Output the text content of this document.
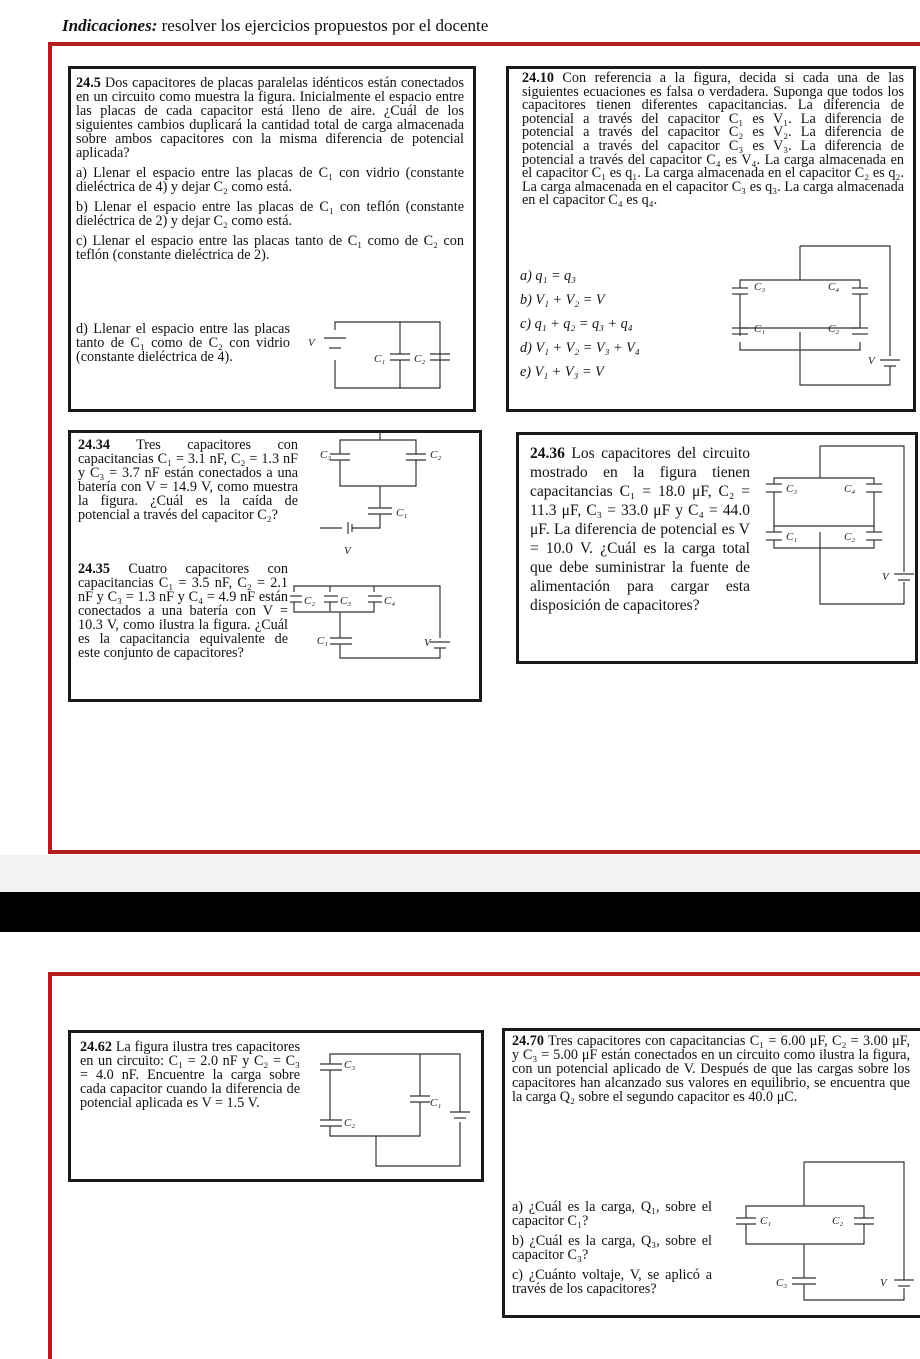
Indicaciones: resolver los ejercicios propuestos por el docente
24.5 Dos capacitores de placas paralelas idénticos están conectados en un circuito como muestra la figura. Inicialmente el espacio entre las placas de cada capacitor está lleno de aire. ¿Cuál de los siguientes cambios duplicará la cantidad total de carga almacenada sobre ambos capacitores con la misma diferencia de potencial aplicada?
a) Llenar el espacio entre las placas de C₁ con vidrio (constante dieléctrica de 4) y dejar C₂ como está.
b) Llenar el espacio entre las placas de C₁ con teflón (constante dieléctrica de 2) y dejar C₂ como está.
c) Llenar el espacio entre las placas tanto de C₁ como de C₂ con teflón (constante dieléctrica de 2).
d) Llenar el espacio entre las placas tanto de C₁ como de C₂ con vidrio (constante dieléctrica de 4).
V
C₁	C₂
24.10 Con referencia a la figura, decida si cada una de las siguientes ecuaciones es falsa o verdadera. Suponga que todos los capacitores tienen diferentes capacitancias. La diferencia de potencial a través del capacitor C₁ es V₁. La diferencia de potencial a través del capacitor C₂ es V₂. La diferencia de potencial a través del capacitor C₃ es V₃. La diferencia de potencial a través del capacitor C₄ es V₄. La carga almacenada en el capacitor C₁ es q₁. La carga almacenada en el capacitor C₂ es q₂. La carga almacenada en el capacitor C₃ es q₃. La carga almacenada en el capacitor C₄ es q₄.
a) q₁ = q₃
b) V₁ + V₂ = V
c) q₁ + q₂ = q₃ + q₄
d) V₁ + V₂ = V₃ + V₄
e) V₁ + V₃ = V
C₃	C₄
C₁	C₂
V
24.34 Tres capacitores con capacitancias C₁ = 3.1 nF, C₂ = 1.3 nF y C₃ = 3.7 nF están conectados a una batería con V = 14.9 V, como muestra la figura. ¿Cuál es la caída de potencial a través del capacitor C₂?
C₃	C₂
C₁
V
24.35 Cuatro capacitores con capacitancias C₁ = 3.5 nF, C₂ = 2.1 nF y C₃ = 1.3 nF y C₄ = 4.9 nF están conectados a una batería con V = 10.3 V, como ilustra la figura. ¿Cuál es la capacitancia equivalente de este conjunto de capacitores?
C₂ C₃	C₄
C₁	V
24.36 Los capacitores del circuito mostrado en la figura tienen capacitancias C₁ = 18.0 μF, C₂ = 11.3 μF, C₃ = 33.0 μF y C₄ = 44.0 μF. La diferencia de potencial es V = 10.0 V. ¿Cuál es la carga total que debe suministrar la fuente de alimentación para cargar esta disposición de capacitores?
C₃	C₄
C₁	C₂
V
24.62 La figura ilustra tres capacitores en un circuito: C₁ = 2.0 nF y C₂ = C₃ = 4.0 nF. Encuentre la carga sobre cada capacitor cuando la diferencia de potencial aplicada es V = 1.5 V.
C₃
C₁
C₂
24.70 Tres capacitores con capacitancias C₁ = 6.00 μF, C₂ = 3.00 μF, y C₃ = 5.00 μF están conectados en un circuito como ilustra la figura, con un potencial aplicado de V. Después de que las cargas sobre los capacitores han alcanzado sus valores en equilibrio, se encuentra que la carga Q₂ sobre el segundo capacitor es 40.0 μC.
a) ¿Cuál es la carga, Q₁, sobre el capacitor C₁?
b) ¿Cuál es la carga, Q₃, sobre el capacitor C₃?
c) ¿Cuánto voltaje, V, se aplicó a través de los capacitores?
C₁	C₂
C₃	V
